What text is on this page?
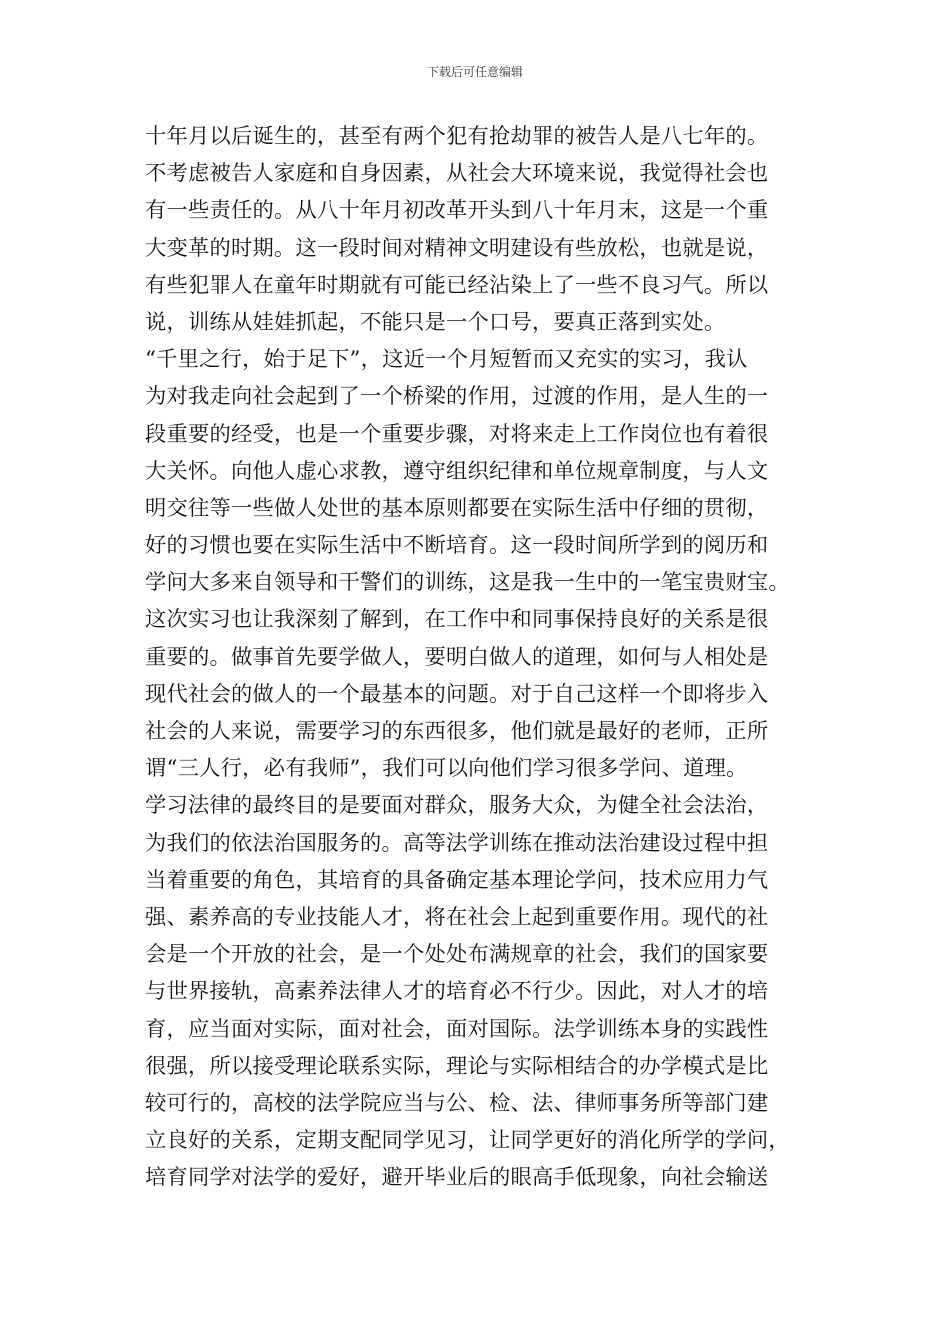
下载后可任意编辑
十年月以后诞生的，甚至有两个犯有抢劫罪的被告人是八七年的。
不考虑被告人家庭和自身因素，从社会大环境来说，我觉得社会也
有一些责任的。从八十年月初改革开头到八十年月末，这是一个重
大变革的时期。这一段时间对精神文明建设有些放松，也就是说，
有些犯罪人在童年时期就有可能已经沾染上了一些不良习气。所以
说，训练从娃娃抓起，不能只是一个口号，要真正落到实处。
“千里之行，始于足下”，这近一个月短暂而又充实的实习，我认
为对我走向社会起到了一个桥梁的作用，过渡的作用，是人生的一
段重要的经受，也是一个重要步骤，对将来走上工作岗位也有着很
大关怀。向他人虚心求教，遵守组织纪律和单位规章制度，与人文
明交往等一些做人处世的基本原则都要在实际生活中仔细的贯彻，
好的习惯也要在实际生活中不断培育。这一段时间所学到的阅历和
学问大多来自领导和干警们的训练，这是我一生中的一笔宝贵财宝。
这次实习也让我深刻了解到，在工作中和同事保持良好的关系是很
重要的。做事首先要学做人，要明白做人的道理，如何与人相处是
现代社会的做人的一个最基本的问题。对于自己这样一个即将步入
社会的人来说，需要学习的东西很多，他们就是最好的老师，正所
谓“三人行，必有我师”，我们可以向他们学习很多学问、道理。
学习法律的最终目的是要面对群众，服务大众，为健全社会法治，
为我们的依法治国服务的。高等法学训练在推动法治建设过程中担
当着重要的角色，其培育的具备确定基本理论学问，技术应用力气
强、素养高的专业技能人才，将在社会上起到重要作用。现代的社
会是一个开放的社会，是一个处处布满规章的社会，我们的国家要
与世界接轨，高素养法律人才的培育必不行少。因此，对人才的培
育，应当面对实际，面对社会，面对国际。法学训练本身的实践性
很强，所以接受理论联系实际，理论与实际相结合的办学模式是比
较可行的，高校的法学院应当与公、检、法、律师事务所等部门建
立良好的关系，定期支配同学见习，让同学更好的消化所学的学问，
培育同学对法学的爱好，避开毕业后的眼高手低现象，向社会输送
